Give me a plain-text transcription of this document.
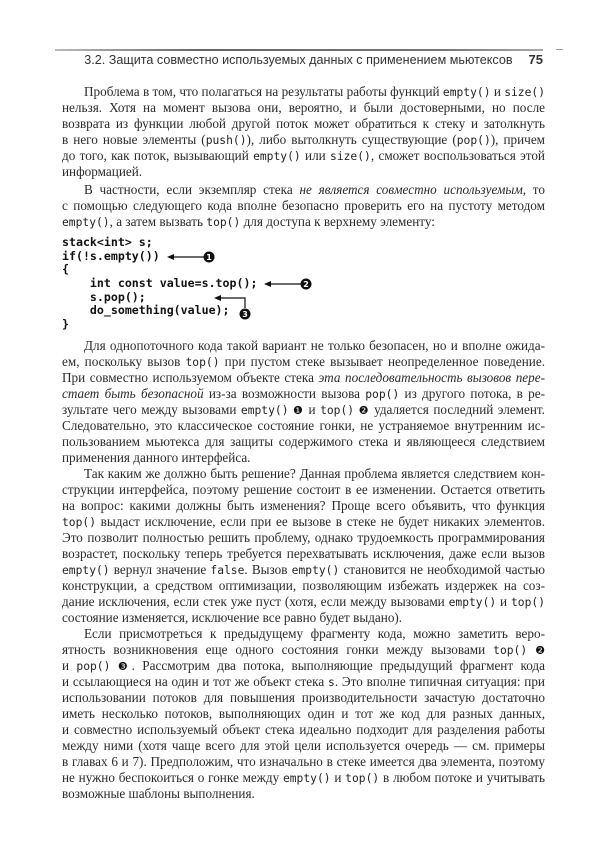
3.2. Защита совместно используемых данных с применением мьютексов 75
Проблема в том, что полагаться на результаты работы функций empty() и size()
нельзя. Хотя на момент вызова они, вероятно, и были достоверными, но после
возврата из функции любой другой поток может обратиться к стеку и затолкнуть
в него новые элементы (push()), либо вытолкнуть существующие (pop()), причем
до того, как поток, вызывающий empty() или size(), сможет воспользоваться этой
информацией.
В частности, если экземпляр стека не является совместно используемым, то
с помощью следующего кода вполне безопасно проверить его на пустоту методом
empty(), а затем вызвать top() для доступа к верхнему элементу:
stack<int> s;
if(!s.empty())
{
int const value=s.top();
s.pop();
do_something(value);
}

1

2

3

Для однопоточного кода такой вариант не только безопасен, но и вполне ожида-
ем, поскольку вызов top() при пустом стеке вызывает неопределенное поведение.
При совместно используемом объекте стека эта последовательность вызовов пере-
стает быть безопасной из-за возможности вызова pop() из другого потока, в ре-
зультате чего между вызовами empty() ❶ и top() ❷ удаляется последний элемент.
Следовательно, это классическое состояние гонки, не устраняемое внутренним ис-
пользованием мьютекса для защиты содержимого стека и являющееся следствием
применения данного интерфейса.
Так каким же должно быть решение? Данная проблема является следствием кон-
струкции интерфейса, поэтому решение состоит в ее изменении. Остается ответить
на вопрос: какими должны быть изменения? Проще всего объявить, что функция
top() выдаст исключение, если при ее вызове в стеке не будет никаких элементов.
Это позволит полностью решить проблему, однако трудоемкость программирования
возрастет, поскольку теперь требуется перехватывать исключения, даже если вызов
empty() вернул значение false. Вызов empty() становится не необходимой частью
конструкции, а средством оптимизации, позволяющим избежать издержек на соз-
дание исключения, если стек уже пуст (хотя, если между вызовами empty() и top()
состояние изменяется, исключение все равно будет выдано).
Если присмотреться к предыдущему фрагменту кода, можно заметить веро-
ятность возникновения еще одного состояния гонки между вызовами top() ❷
и pop() ❸. Рассмотрим два потока, выполняющие предыдущий фрагмент кода
и ссылающиеся на один и тот же объект стека s. Это вполне типичная ситуация: при
использовании потоков для повышения производительности зачастую достаточно
иметь несколько потоков, выполняющих один и тот же код для разных данных,
и совместно используемый объект стека идеально подходит для разделения работы
между ними (хотя чаще всего для этой цели используется очередь — см. примеры
в главах 6 и 7). Предположим, что изначально в стеке имеется два элемента, поэтому
не нужно беспокоиться о гонке между empty() и top() в любом потоке и учитывать
возможные шаблоны выполнения.
